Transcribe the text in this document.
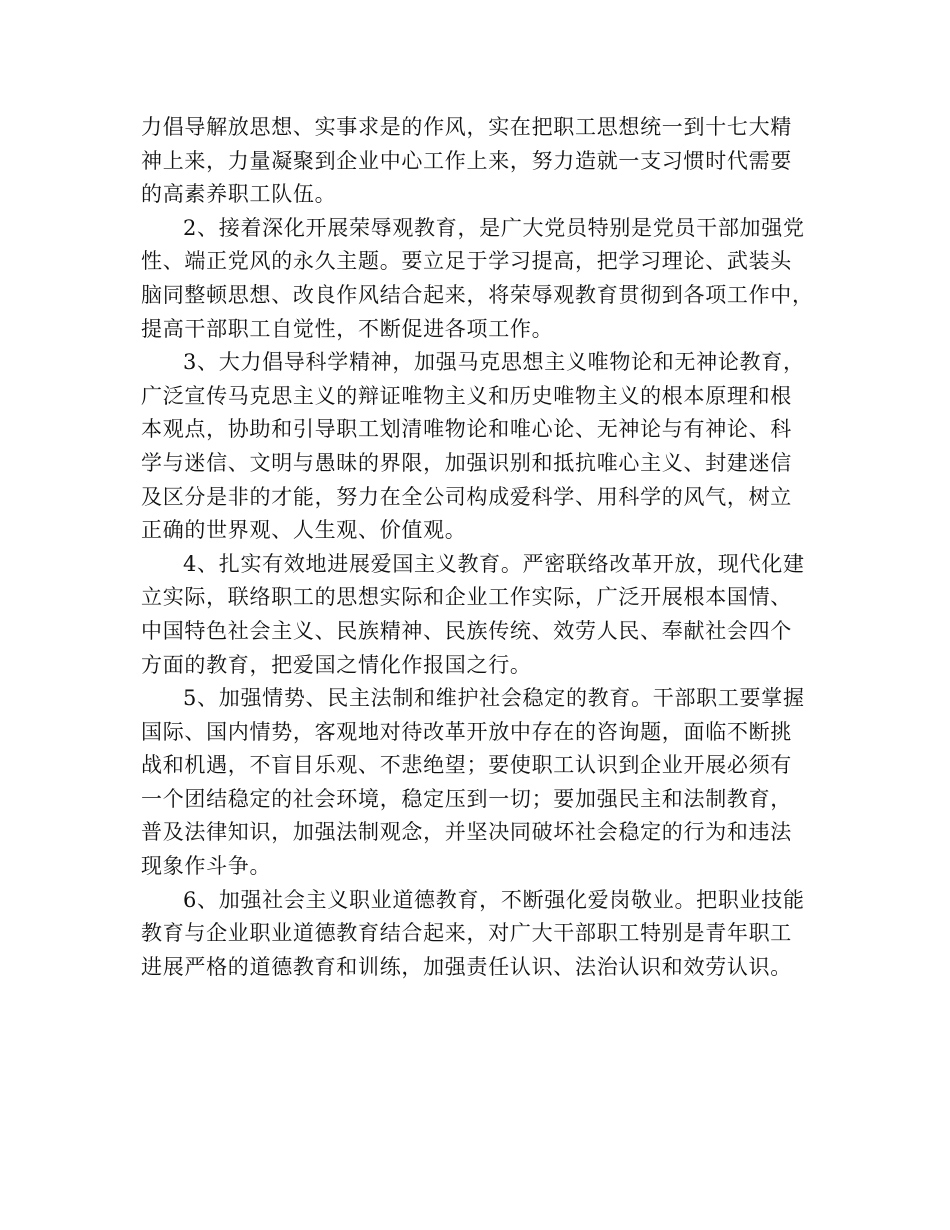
力倡导解放思想、实事求是的作风，实在把职工思想统一到十七大精
神上来，力量凝聚到企业中心工作上来，努力造就一支习惯时代需要
的高素养职工队伍。
2、接着深化开展荣辱观教育，是广大党员特别是党员干部加强党
性、端正党风的永久主题。要立足于学习提高，把学习理论、武装头
脑同整顿思想、改良作风结合起来，将荣辱观教育贯彻到各项工作中，
提高干部职工自觉性，不断促进各项工作。
3、大力倡导科学精神，加强马克思想主义唯物论和无神论教育，
广泛宣传马克思主义的辩证唯物主义和历史唯物主义的根本原理和根
本观点，协助和引导职工划清唯物论和唯心论、无神论与有神论、科
学与迷信、文明与愚昧的界限，加强识别和抵抗唯心主义、封建迷信
及区分是非的才能，努力在全公司构成爱科学、用科学的风气，树立
正确的世界观、人生观、价值观。
4、扎实有效地进展爱国主义教育。严密联络改革开放，现代化建
立实际，联络职工的思想实际和企业工作实际，广泛开展根本国情、
中国特色社会主义、民族精神、民族传统、效劳人民、奉献社会四个
方面的教育，把爱国之情化作报国之行。
5、加强情势、民主法制和维护社会稳定的教育。干部职工要掌握
国际、国内情势，客观地对待改革开放中存在的咨询题，面临不断挑
战和机遇，不盲目乐观、不悲绝望；要使职工认识到企业开展必须有
一个团结稳定的社会环境，稳定压到一切；要加强民主和法制教育，
普及法律知识，加强法制观念，并坚决同破坏社会稳定的行为和违法
现象作斗争。
6、加强社会主义职业道德教育，不断强化爱岗敬业。把职业技能
教育与企业职业道德教育结合起来，对广大干部职工特别是青年职工
进展严格的道德教育和训练，加强责任认识、法治认识和效劳认识。
